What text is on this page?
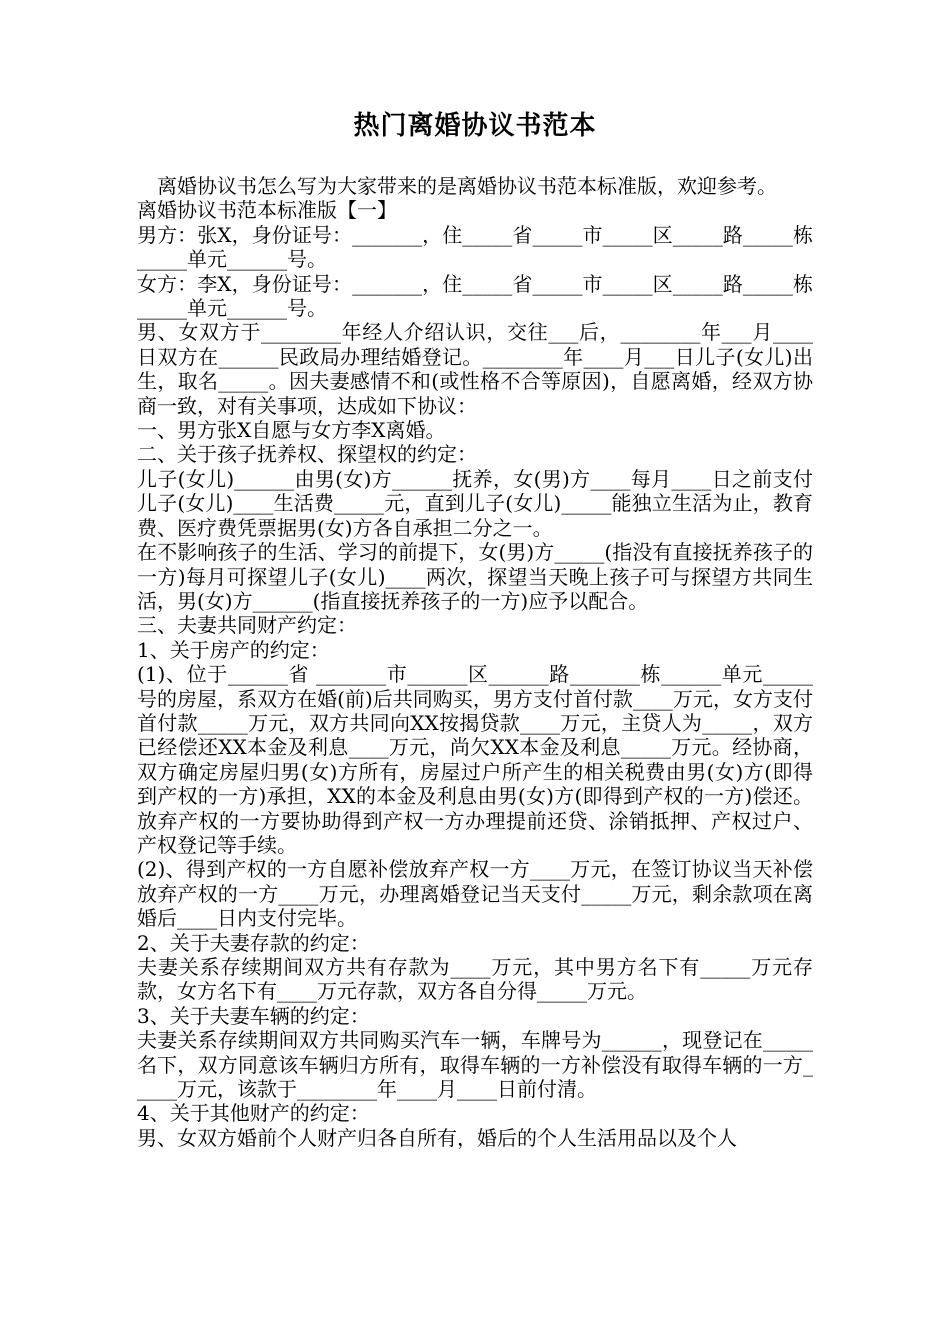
热门离婚协议书范本

　离婚协议书怎么写为大家带来的是离婚协议书范本标准版，欢迎参考。

离婚协议书范本标准版【一】

男方：张X，身份证号：_______，住_____省_____市_____区_____路_____栋_____单元______号。

女方：李X，身份证号：_______，住_____省_____市_____区_____路_____栋_____单元______号。

男、女双方于________年经人介绍认识，交往___后，________年___月____日双方在______民政局办理结婚登记。________年____月___日儿子(女儿)出生，取名_____。因夫妻感情不和(或性格不合等原因)，自愿离婚，经双方协商一致，对有关事项，达成如下协议：

一、男方张X自愿与女方李X离婚。

二、关于孩子抚养权、探望权的约定：

儿子(女儿)______由男(女)方______抚养，女(男)方____每月____日之前支付儿子(女儿)____生活费_____元，直到儿子(女儿)_____能独立生活为止，教育费、医疗费凭票据男(女)方各自承担二分之一。

在不影响孩子的生活、学习的前提下，女(男)方_____(指没有直接抚养孩子的一方)每月可探望儿子(女儿)____两次，探望当天晚上孩子可与探望方共同生活，男(女)方______(指直接抚养孩子的一方)应予以配合。

三、夫妻共同财产约定：

1、关于房产的约定：

(1)、位于______省 _______市______区______路_______栋______单元_____号的房屋，系双方在婚(前)后共同购买，男方支付首付款____万元，女方支付首付款_____万元，双方共同向XX按揭贷款____万元，主贷人为_____，双方已经偿还XX本金及利息____万元，尚欠XX本金及利息_____万元。经协商，双方确定房屋归男(女)方所有，房屋过户所产生的相关税费由男(女)方(即得到产权的一方)承担，XX的本金及利息由男(女)方(即得到产权的一方)偿还。放弃产权的一方要协助得到产权一方办理提前还贷、涂销抵押、产权过户、产权登记等手续。

(2)、得到产权的一方自愿补偿放弃产权一方____万元，在签订协议当天补偿放弃产权的一方____万元，办理离婚登记当天支付_____万元，剩余款项在离婚后____日内支付完毕。

2、关于夫妻存款的约定：

夫妻关系存续期间双方共有存款为____万元，其中男方名下有_____万元存款，女方名下有____万元存款，双方各自分得_____万元。

3、关于夫妻车辆的约定：

夫妻关系存续期间双方共同购买汽车一辆，车牌号为______，现登记在_____名下，双方同意该车辆归方所有，取得车辆的一方补偿没有取得车辆的一方_____万元，该款于________年____月____日前付清。

4、关于其他财产的约定：

男、女双方婚前个人财产归各自所有，婚后的个人生活用品以及个人
